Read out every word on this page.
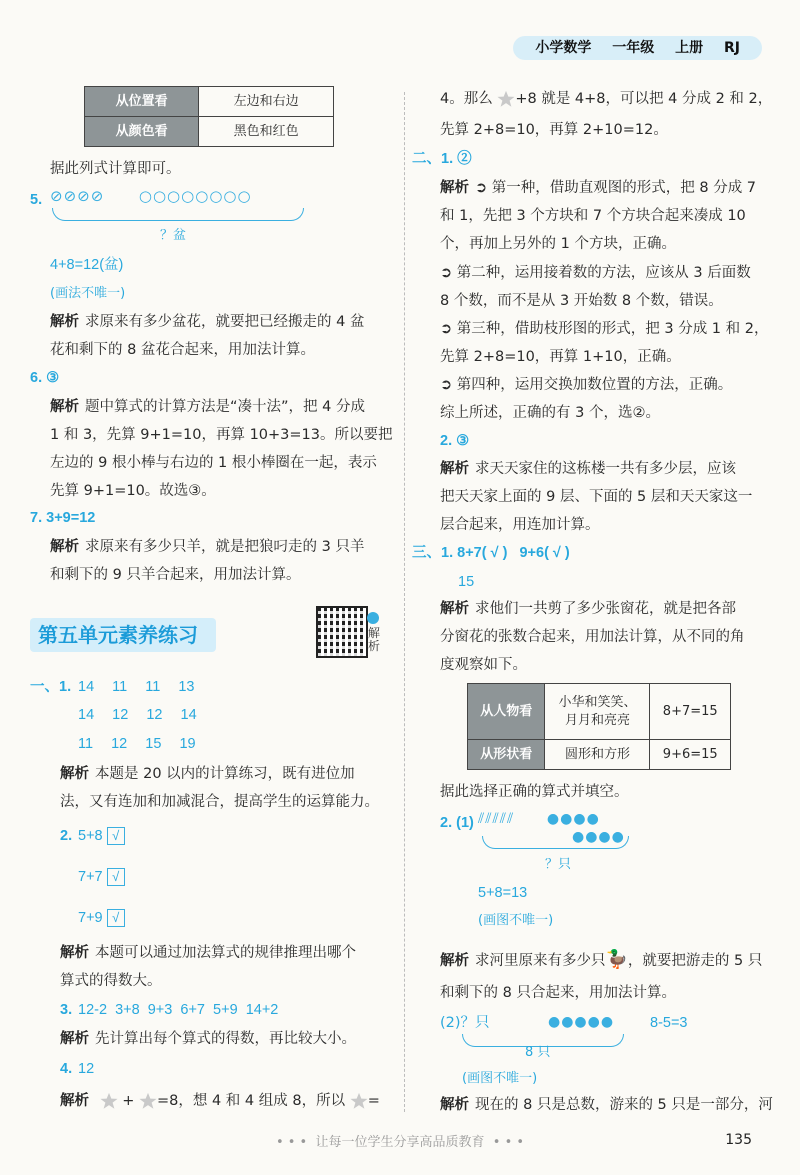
小学数学 一年级 上册 RJ
从位置看	左边和右边
从颜色看	黑色和红色
据此列式计算即可。
5. ⊘⊘⊘⊘      ○○○○○○○○
？盆
4+8=12(盆)
(画法不唯一)
解析 求原来有多少盆花，就要把已经搬走的 4 盆
花和剩下的 8 盆花合起来，用加法计算。
6. ③
解析 题中算式的计算方法是“凑十法”，把 4 分成
1 和 3，先算 9+1=10，再算 10+3=13。所以要把
左边的 9 根小棒与右边的 1 根小棒圈在一起，表示
先算 9+1=10。故选③。
7. 3+9=12
解析 求原来有多少只羊，就是把狼叼走的 3 只羊
和剩下的 9 只羊合起来，用加法计算。
第五单元素养练习	解析
一、1. 14 11 11 13
14 12 12 14
11 12 15 19
解析 本题是 20 以内的计算练习，既有进位加
法，又有连加和加减混合，提高学生的运算能力。
2. 5+8 √
7+7 √
7+9 √
解析 本题可以通过加法算式的规律推理出哪个
算式的得数大。
3. 12-2  3+8  9+3  6+7  5+9  14+2
解析 先计算出每个算式的得数，再比较大小。
4. 12
解析 + =8，想 4 和 4 组成 8，所以 =
4。那么 +8 就是 4+8，可以把 4 分成 2 和 2，
先算 2+8=10，再算 2+10=12。
二、1. ②
解析 ➲ 第一种，借助直观图的形式，把 8 分成 7
和 1，先把 3 个方块和 7 个方块合起来凑成 10
个，再加上另外的 1 个方块，正确。
➲ 第二种，运用接着数的方法，应该从 3 后面数
8 个数，而不是从 3 开始数 8 个数，错误。
➲ 第三种，借助枝形图的形式，把 3 分成 1 和 2，
先算 2+8=10，再算 1+10，正确。
➲ 第四种，运用交换加数位置的方法，正确。
综上所述，正确的有 3 个，选②。
2. ③
解析 求天天家住的这栋楼一共有多少层，应该
把天天家上面的 9 层、下面的 5 层和天天家这一
层合起来，用连加计算。
三、1. 8+7( √ )   9+6( √ )
15
解析 求他们一共剪了多少张窗花，就是把各部
分窗花的张数合起来，用加法计算，从不同的角
度观察如下。
从人物看	小华和笑笑、
月月和亮亮	8+7=15
从形状看	圆形和方形	9+6=15
据此选择正确的算式并填空。
2. (1) ⫽⫽⫽⫽⫽      ●●●●
●●●●
？只
5+8=13
(画图不唯一)
解析 求河里原来有多少只🦆，就要把游走的 5 只
和剩下的 8 只合起来，用加法计算。
(2)？只	●●●●● 8-5=3
8 只
(画图不唯一)
解析 现在的 8 只是总数，游来的 5 只是一部分，河
• • •  让每一位学生分享高品质教育  • • •	135
